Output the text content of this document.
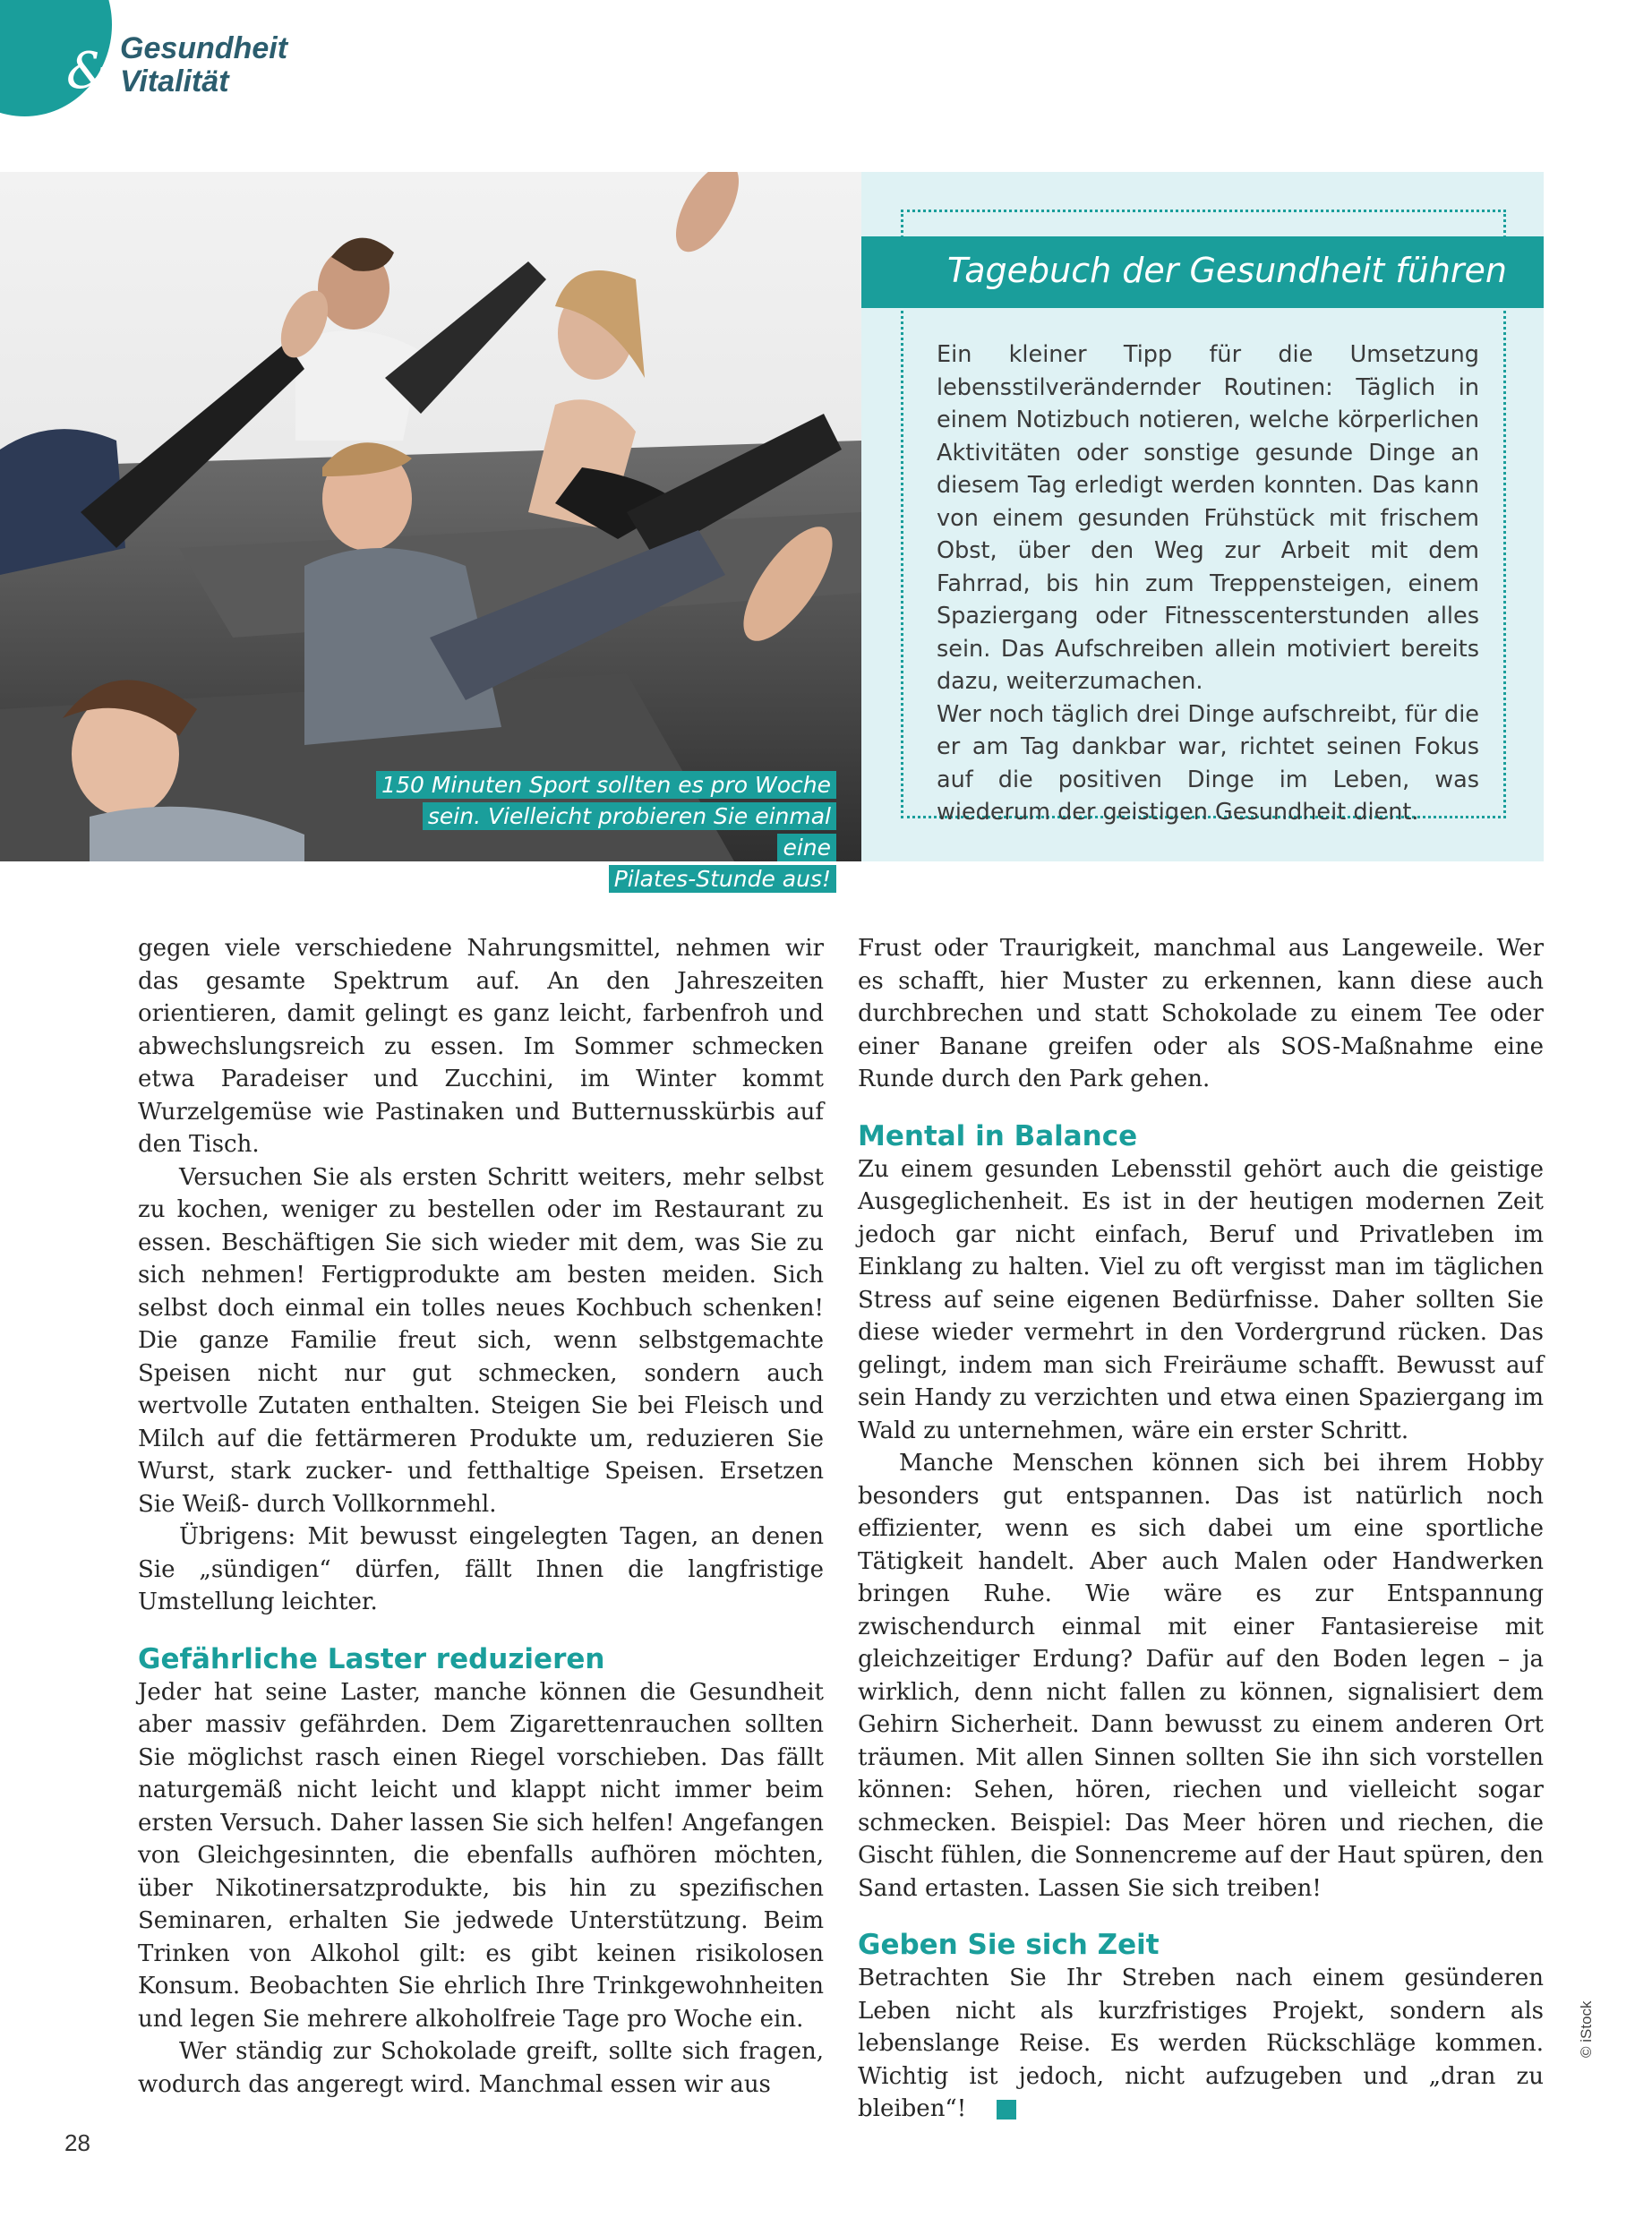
& Gesundheit
Vitalität
150 Minuten Sport sollten es pro Woche
sein. Vielleicht probieren Sie einmal eine
Pilates-Stunde aus!
Tagebuch der Gesundheit führen
Ein kleiner Tipp für die Umsetzung lebensstilverändernder Routinen: Täglich in einem Notizbuch notieren, welche körperlichen Aktivitäten oder sonstige gesunde Dinge an diesem Tag erledigt werden konnten. Das kann von einem gesunden Frühstück mit frischem Obst, über den Weg zur Arbeit mit dem Fahrrad, bis hin zum Treppensteigen, einem Spaziergang oder Fitnesscenterstunden alles sein. Das Aufschreiben allein motiviert bereits dazu, weiterzumachen.
Wer noch täglich drei Dinge aufschreibt, für die er am Tag dankbar war, richtet seinen Fokus auf die positiven Dinge im Leben, was wiederum der geistigen Gesundheit dient.

gegen viele verschiedene Nahrungsmittel, nehmen wir das gesamte Spektrum auf. An den Jahreszeiten orientieren, damit gelingt es ganz leicht, farbenfroh und abwechslungsreich zu essen. Im Sommer schmecken etwa Paradeiser und Zucchini, im Winter kommt Wurzelgemüse wie Pastinaken und Butternusskürbis auf den Tisch.

Versuchen Sie als ersten Schritt weiters, mehr selbst zu kochen, weniger zu bestellen oder im Restaurant zu essen. Beschäftigen Sie sich wieder mit dem, was Sie zu sich nehmen! Fertigprodukte am besten meiden. Sich selbst doch einmal ein tolles neues Kochbuch schenken! Die ganze Familie freut sich, wenn selbstgemachte Speisen nicht nur gut schmecken, sondern auch wertvolle Zutaten enthalten. Steigen Sie bei Fleisch und Milch auf die fettärmeren Produkte um, reduzieren Sie Wurst, stark zucker- und fetthaltige Speisen. Ersetzen Sie Weiß- durch Vollkornmehl.

Übrigens: Mit bewusst eingelegten Tagen, an denen Sie „sündigen“ dürfen, fällt Ihnen die langfristige Umstellung leichter.

Gefährliche Laster reduzieren

Jeder hat seine Laster, manche können die Gesundheit aber massiv gefährden. Dem Zigarettenrauchen sollten Sie möglichst rasch einen Riegel vorschieben. Das fällt naturgemäß nicht leicht und klappt nicht immer beim ersten Versuch. Daher lassen Sie sich helfen! Angefangen von Gleichgesinnten, die ebenfalls aufhören möchten, über Nikotinersatzprodukte, bis hin zu spezifischen Seminaren, erhalten Sie jedwede Unterstützung. Beim Trinken von Alkohol gilt: es gibt keinen risikolosen Konsum. Beobachten Sie ehrlich Ihre Trinkgewohnheiten und legen Sie mehrere alkoholfreie Tage pro Woche ein.

Wer ständig zur Schokolade greift, sollte sich fragen, wodurch das angeregt wird. Manchmal essen wir aus

Frust oder Traurigkeit, manchmal aus Langeweile. Wer es schafft, hier Muster zu erkennen, kann diese auch durchbrechen und statt Schokolade zu einem Tee oder einer Banane greifen oder als SOS-Maßnahme eine Runde durch den Park gehen.

Mental in Balance

Zu einem gesunden Lebensstil gehört auch die geistige Ausgeglichenheit. Es ist in der heutigen modernen Zeit jedoch gar nicht einfach, Beruf und Privatleben im Einklang zu halten. Viel zu oft vergisst man im täglichen Stress auf seine eigenen Bedürfnisse. Daher sollten Sie diese wieder vermehrt in den Vordergrund rücken. Das gelingt, indem man sich Freiräume schafft. Bewusst auf sein Handy zu verzichten und etwa einen Spaziergang im Wald zu unternehmen, wäre ein erster Schritt.

Manche Menschen können sich bei ihrem Hobby besonders gut entspannen. Das ist natürlich noch effizienter, wenn es sich dabei um eine sportliche Tätigkeit handelt. Aber auch Malen oder Handwerken bringen Ruhe. Wie wäre es zur Entspannung zwischendurch einmal mit einer Fantasiereise mit gleichzeitiger Erdung? Dafür auf den Boden legen – ja wirklich, denn nicht fallen zu können, signalisiert dem Gehirn Sicherheit. Dann bewusst zu einem anderen Ort träumen. Mit allen Sinnen sollten Sie ihn sich vorstellen können: Sehen, hören, riechen und vielleicht sogar schmecken. Beispiel: Das Meer hören und riechen, die Gischt fühlen, die Sonnencreme auf der Haut spüren, den Sand ertasten. Lassen Sie sich treiben!

Geben Sie sich Zeit

Betrachten Sie Ihr Streben nach einem gesünderen Leben nicht als kurzfristiges Projekt, sondern als lebenslange Reise. Es werden Rückschläge kommen. Wichtig ist jedoch, nicht aufzugeben und „dran zu bleiben“!

28
© iStock
